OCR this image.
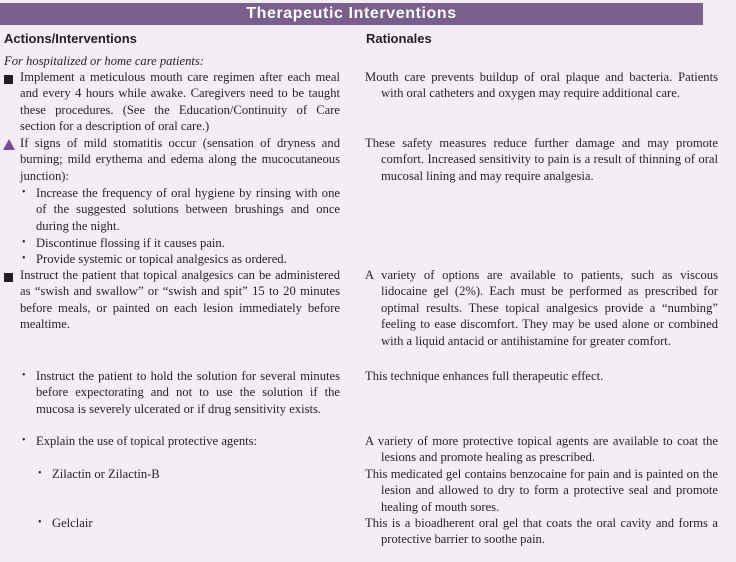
Therapeutic Interventions
Actions/Interventions	Rationales
For hospitalized or home care patients:
Implement a meticulous mouth care regimen after each meal and every 4 hours while awake. Caregivers need to be taught these procedures. (See the Education/Continuity of Care section for a description of oral care.)
If signs of mild stomatitis occur (sensation of dryness and burning; mild erythema and edema along the mucocutaneous junction):
• Increase the frequency of oral hygiene by rinsing with one of the suggested solutions between brushings and once during the night.
• Discontinue flossing if it causes pain.
• Provide systemic or topical analgesics as ordered.
Instruct the patient that topical analgesics can be administered as “swish and swallow” or “swish and spit” 15 to 20 minutes before meals, or painted on each lesion immediately before mealtime.
• Instruct the patient to hold the solution for several minutes before expectorating and not to use the solution if the mucosa is severely ulcerated or if drug sensitivity exists.
• Explain the use of topical protective agents:
• Zilactin or Zilactin-B
• Gelclair
Mouth care prevents buildup of oral plaque and bacteria. Patients with oral catheters and oxygen may require additional care.
These safety measures reduce further damage and may promote comfort. Increased sensitivity to pain is a result of thinning of oral mucosal lining and may require analgesia.
A variety of options are available to patients, such as viscous lidocaine gel (2%). Each must be performed as prescribed for optimal results. These topical analgesics provide a “numbing” feeling to ease discomfort. They may be used alone or combined with a liquid antacid or antihistamine for greater comfort.
This technique enhances full therapeutic effect.
A variety of more protective topical agents are available to coat the lesions and promote healing as prescribed.
This medicated gel contains benzocaine for pain and is painted on the lesion and allowed to dry to form a protective seal and promote healing of mouth sores.
This is a bioadherent oral gel that coats the oral cavity and forms a protective barrier to soothe pain.
